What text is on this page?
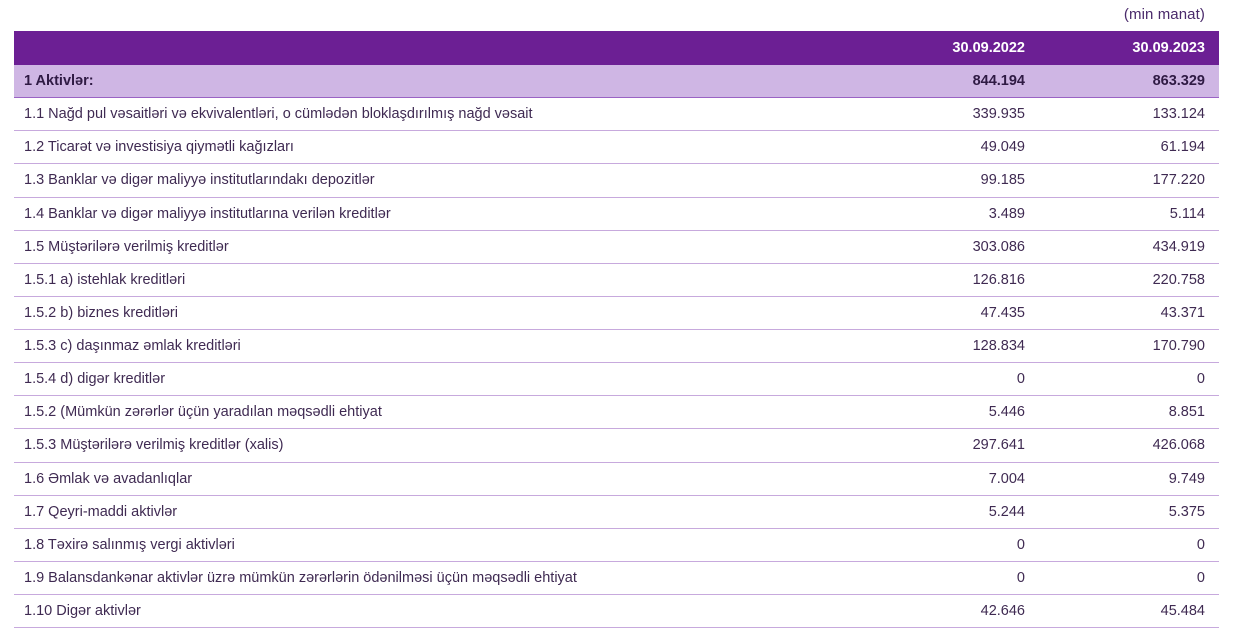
(min manat)
	30.09.2022	30.09.2023
1 Aktivlər:	844.194	863.329
1.1 Nağd pul vəsaitləri və ekvivalentləri, o cümlədən bloklaşdırılmış nağd vəsait	339.935	133.124
1.2 Ticarət və investisiya qiymətli kağızları	49.049	61.194
1.3 Banklar və digər maliyyə institutlarındakı depozitlər	99.185	177.220
1.4 Banklar və digər maliyyə institutlarına verilən kreditlər	3.489	5.114
1.5 Müştərilərə verilmiş kreditlər	303.086	434.919
1.5.1 a) istehlak kreditləri	126.816	220.758
1.5.2 b) biznes kreditləri	47.435	43.371
1.5.3 c) daşınmaz əmlak kreditləri	128.834	170.790
1.5.4 d) digər kreditlər	0	0
1.5.2 (Mümkün zərərlər üçün yaradılan məqsədli ehtiyat	5.446	8.851
1.5.3 Müştərilərə verilmiş kreditlər (xalis)	297.641	426.068
1.6 Əmlak və avadanlıqlar	7.004	9.749
1.7 Qeyri-maddi aktivlər	5.244	5.375
1.8 Təxirə salınmış vergi aktivləri	0	0
1.9 Balansdankənar aktivlər üzrə mümkün zərərlərin ödənilməsi üçün məqsədli ehtiyat	0	0
1.10 Digər aktivlər	42.646	45.484
